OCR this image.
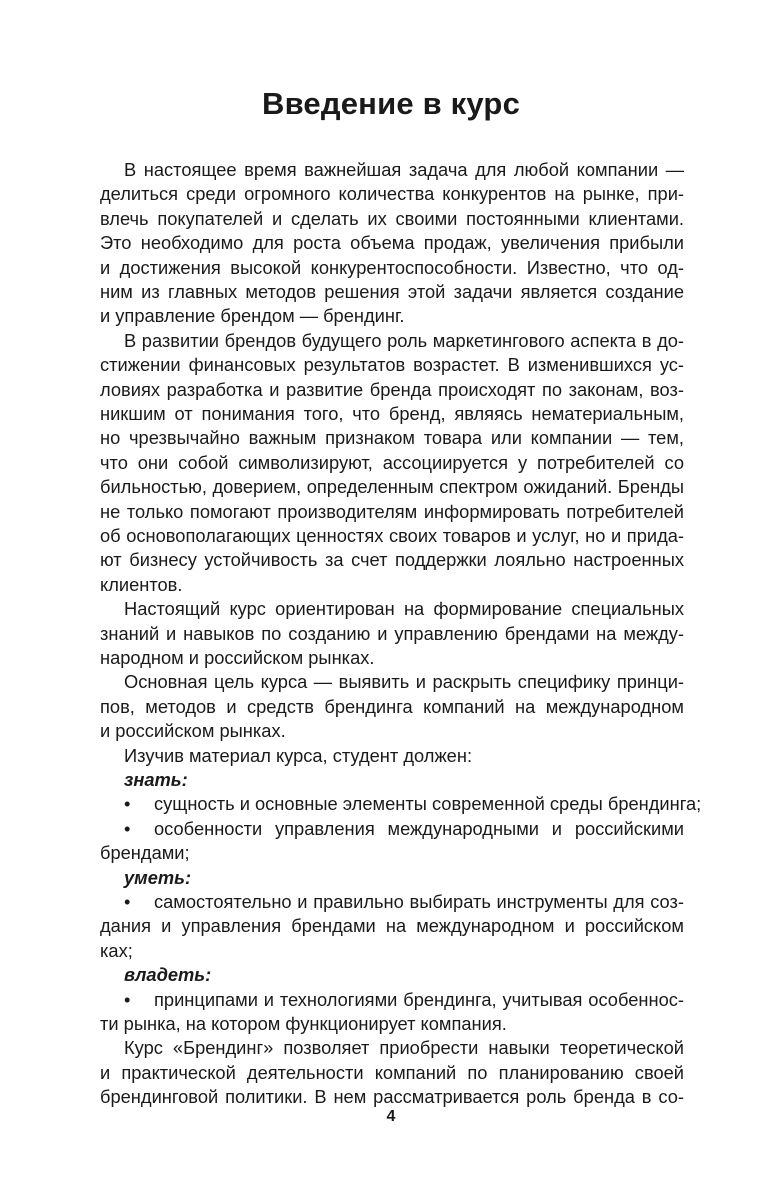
Введение в курс
В настоящее время важнейшая задача для любой компании —
делиться среди огромного количества конкурентов на рынке, при-
влечь покупателей и сделать их своими постоянными клиентами.
Это необходимо для роста объема продаж, увеличения прибыли
и достижения высокой конкурентоспособности. Известно, что од-
ним из главных методов решения этой задачи является создание
и управление брендом — брендинг.
В развитии брендов будущего роль маркетингового аспекта в до-
стижении финансовых результатов возрастет. В изменившихся ус-
ловиях разработка и развитие бренда происходят по законам, воз-
никшим от понимания того, что бренд, являясь нематериальным,
но чрезвычайно важным признаком товара или компании — тем,
что они собой символизируют, ассоциируется у потребителей со
бильностью, доверием, определенным спектром ожиданий. Бренды
не только помогают производителям информировать потребителей
об основополагающих ценностях своих товаров и услуг, но и прида-
ют бизнесу устойчивость за счет поддержки лояльно настроенных
клиентов.
Настоящий курс ориентирован на формирование специальных
знаний и навыков по созданию и управлению брендами на между-
народном и российском рынках.
Основная цель курса — выявить и раскрыть специфику принци-
пов, методов и средств брендинга компаний на международном
и российском рынках.
Изучив материал курса, студент должен:
знать:
• сущность и основные элементы современной среды брендинга;
• особенности управления международными и российскими
брендами;
уметь:
• самостоятельно и правильно выбирать инструменты для соз-
дания и управления брендами на международном и российском
ках;
владеть:
• принципами и технологиями брендинга, учитывая особеннос-
ти рынка, на котором функционирует компания.
Курс «Брендинг» позволяет приобрести навыки теоретической
и практической деятельности компаний по планированию своей
брендинговой политики. В нем рассматривается роль бренда в со-
4
